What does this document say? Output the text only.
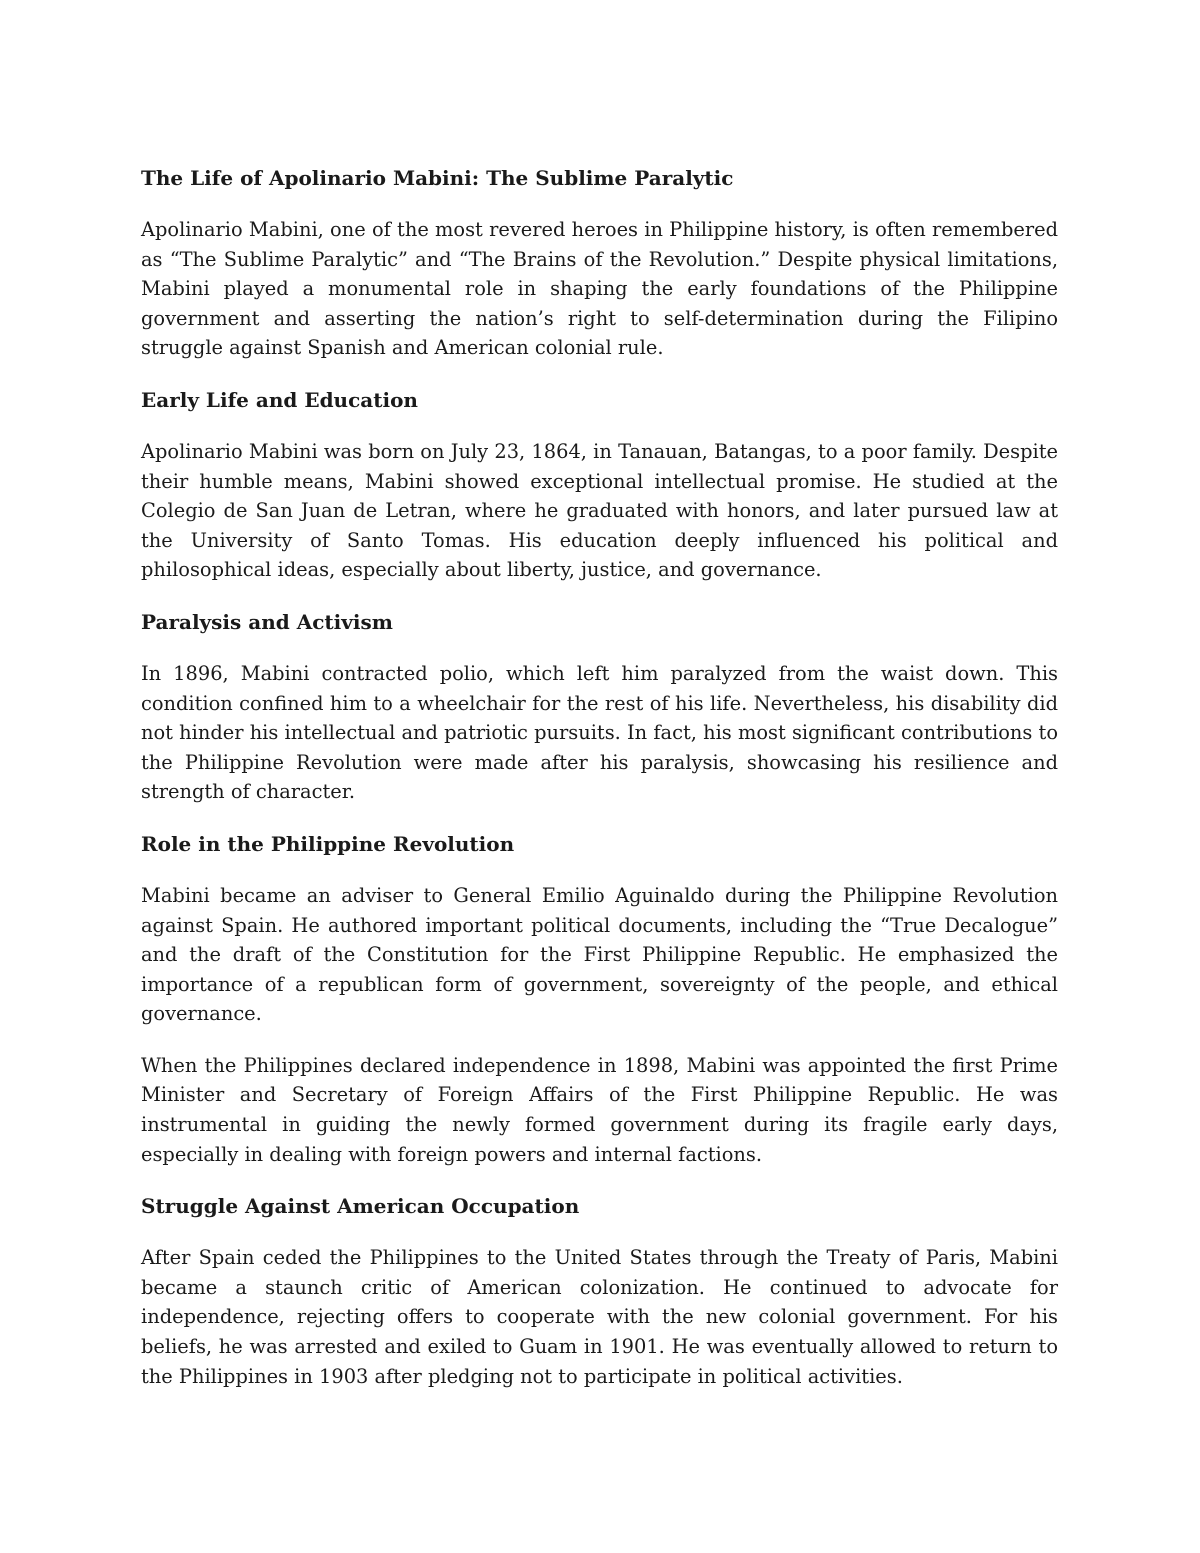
The Life of Apolinario Mabini: The Sublime Paralytic
Apolinario Mabini, one of the most revered heroes in Philippine history, is often remembered as “The Sublime Paralytic” and “The Brains of the Revolution.” Despite physical limitations, Mabini played a monumental role in shaping the early foundations of the Philippine government and asserting the nation’s right to self-determination during the Filipino struggle against Spanish and American colonial rule.
Early Life and Education
Apolinario Mabini was born on July 23, 1864, in Tanauan, Batangas, to a poor family. Despite their humble means, Mabini showed exceptional intellectual promise. He studied at the Colegio de San Juan de Letran, where he graduated with honors, and later pursued law at the University of Santo Tomas. His education deeply influenced his political and philosophical ideas, especially about liberty, justice, and governance.
Paralysis and Activism
In 1896, Mabini contracted polio, which left him paralyzed from the waist down. This condition confined him to a wheelchair for the rest of his life. Nevertheless, his disability did not hinder his intellectual and patriotic pursuits. In fact, his most significant contributions to the Philippine Revolution were made after his paralysis, showcasing his resilience and strength of character.
Role in the Philippine Revolution
Mabini became an adviser to General Emilio Aguinaldo during the Philippine Revolution against Spain. He authored important political documents, including the “True Decalogue” and the draft of the Constitution for the First Philippine Republic. He emphasized the importance of a republican form of government, sovereignty of the people, and ethical governance.
When the Philippines declared independence in 1898, Mabini was appointed the first Prime Minister and Secretary of Foreign Affairs of the First Philippine Republic. He was instrumental in guiding the newly formed government during its fragile early days, especially in dealing with foreign powers and internal factions.
Struggle Against American Occupation
After Spain ceded the Philippines to the United States through the Treaty of Paris, Mabini became a staunch critic of American colonization. He continued to advocate for independence, rejecting offers to cooperate with the new colonial government. For his beliefs, he was arrested and exiled to Guam in 1901. He was eventually allowed to return to the Philippines in 1903 after pledging not to participate in political activities.
